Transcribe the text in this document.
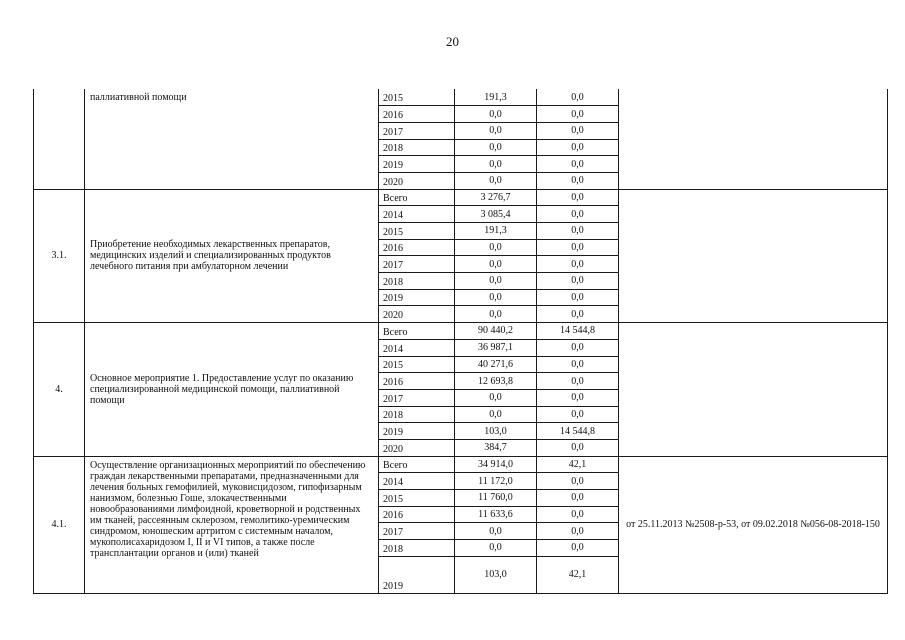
20
	паллиативной помощи	2015	191,3	0,0	
		2016	0,0	0,0	
		2017	0,0	0,0	
		2018	0,0	0,0	
		2019	0,0	0,0	
		2020	0,0	0,0	
3.1.	Приобретение необходимых лекарственных препаратов, медицинских изделий и специализированных продуктов лечебного питания при амбулаторном лечении	Всего	3 276,7	0,0	
		2014	3 085,4	0,0	
		2015	191,3	0,0	
		2016	0,0	0,0	
		2017	0,0	0,0	
		2018	0,0	0,0	
		2019	0,0	0,0	
		2020	0,0	0,0	
4.	Основное мероприятие 1. Предоставление услуг по оказанию специализированной медицинской помощи, паллиативной помощи	Всего	90 440,2	14 544,8	
		2014	36 987,1	0,0	
		2015	40 271,6	0,0	
		2016	12 693,8	0,0	
		2017	0,0	0,0	
		2018	0,0	0,0	
		2019	103,0	14 544,8	
		2020	384,7	0,0	
4.1.	Осуществление организационных мероприятий по обеспечению граждан лекарственными препаратами, предназначенными для лечения больных гемофилией, муковисцидозом, гипофизарным нанизмом, болезнью Гоше, злокачественными новообразованиями лимфоидной, кроветворной и родственных им тканей, рассеянным склерозом, гемолитико-уремическим синдромом, юношеским артритом с системным началом, мукополисахаридозом I, II и VI типов, а также после трансплантации органов и (или) тканей	Всего	34 914,0	42,1	от 25.11.2013 №2508-р-53, от 09.02.2018 №056-08-2018-150
		2014	11 172,0	0,0	
		2015	11 760,0	0,0	
		2016	11 633,6	0,0	
		2017	0,0	0,0	
		2018	0,0	0,0	
		2019	103,0	42,1	
